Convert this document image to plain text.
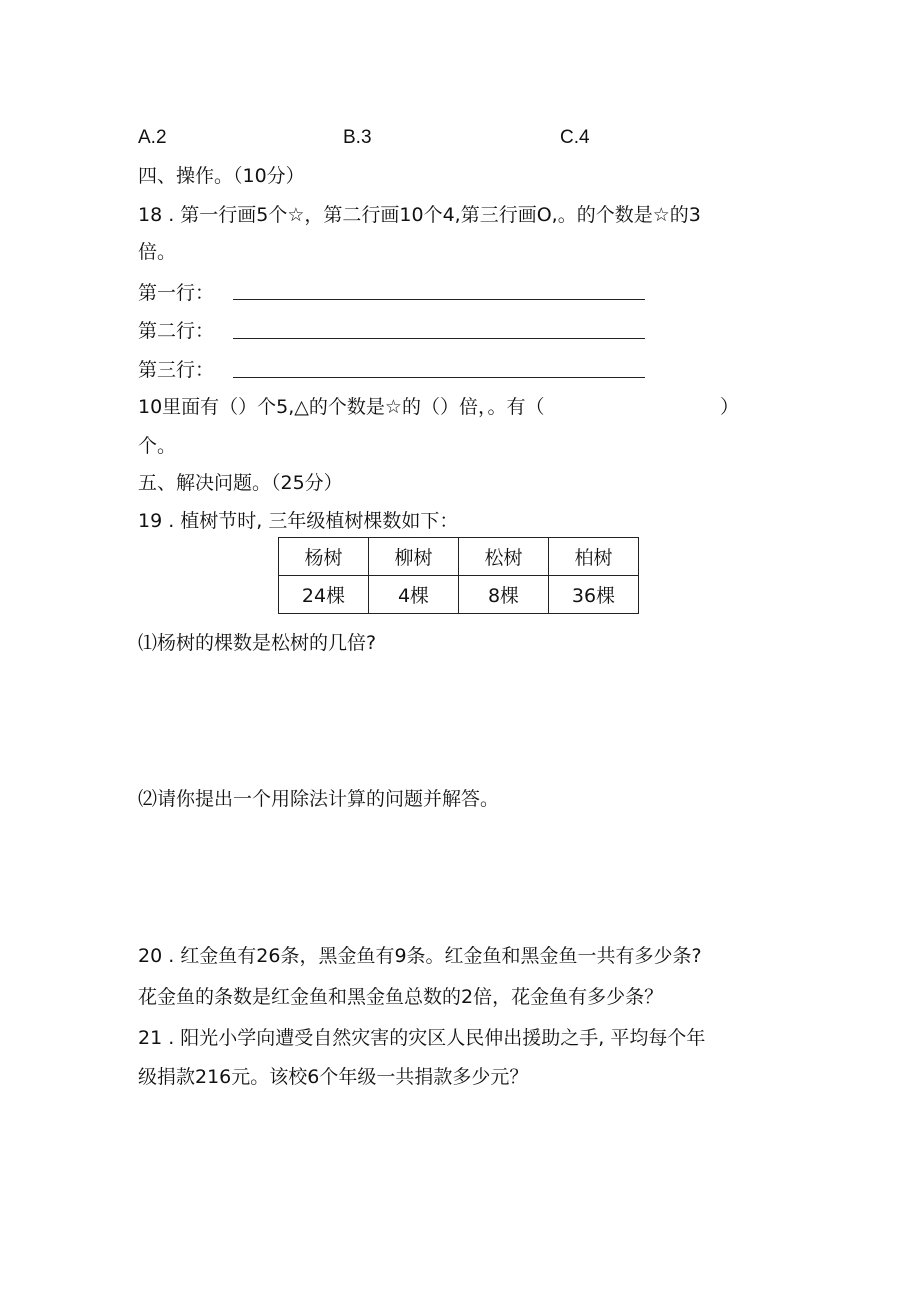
A.2	B.3	C.4
四、操作。（10分）
18 . 第一行画5个☆，第二行画10个4,第三行画O,。的个数是☆的3
倍。
第一行：
第二行：
第三行：
10里面有（）个5,△的个数是☆的（）倍，。有（	）
个。
五、解决问题。（25分）
19 . 植树节时, 三年级植树棵数如下：
杨树	柳树	松树	柏树
24棵	4棵	8棵	36棵
⑴杨树的棵数是松树的几倍?
⑵请你提出一个用除法计算的问题并解答。
20 . 红金鱼有26条，黑金鱼有9条。红金鱼和黑金鱼一共有多少条?
花金鱼的条数是红金鱼和黑金鱼总数的2倍，花金鱼有多少条？
21 . 阳光小学向遭受自然灾害的灾区人民伸出援助之手, 平均每个年
级捐款216元。该校6个年级一共捐款多少元？
